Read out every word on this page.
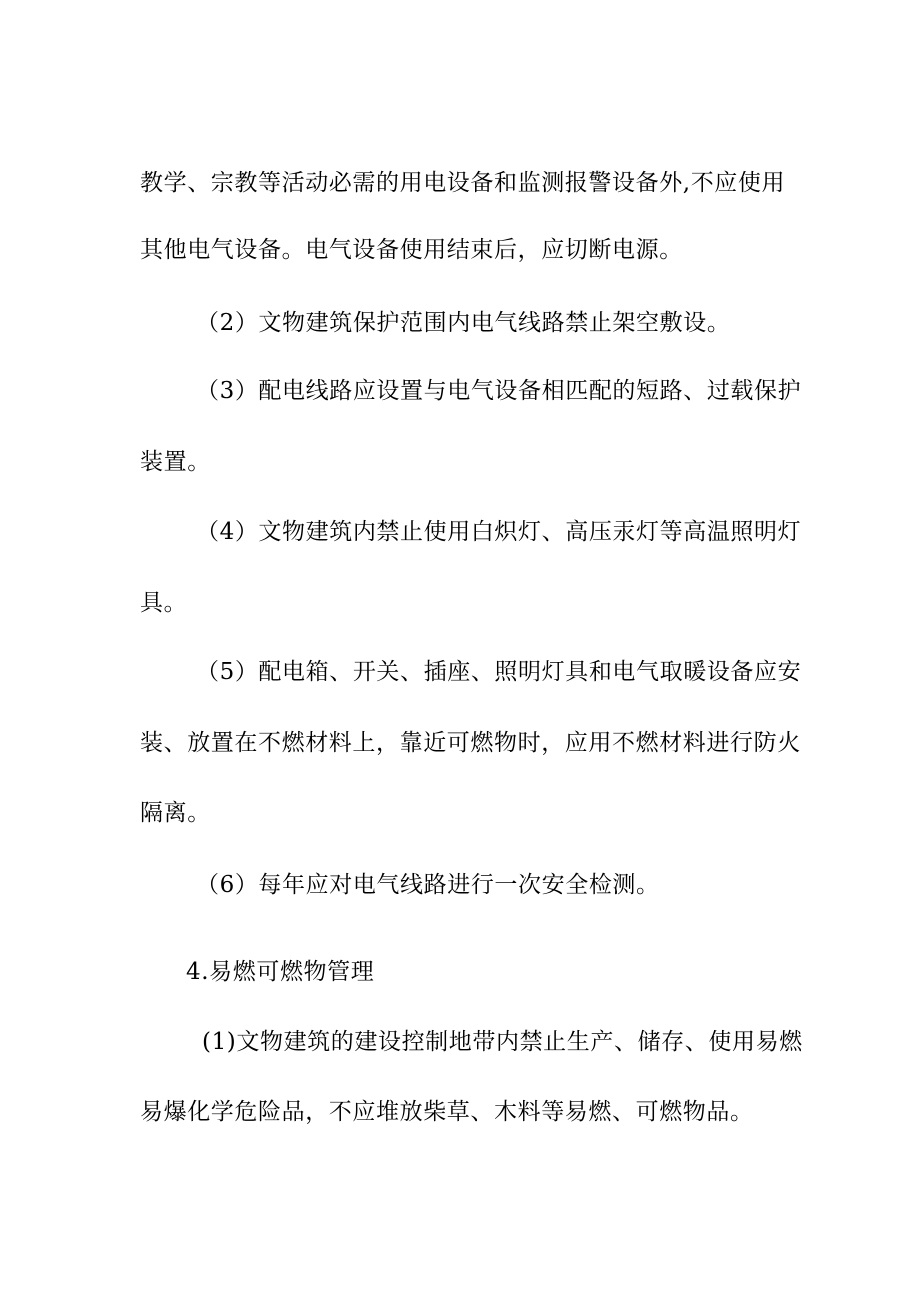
教学、宗教等活动必需的用电设备和监测报警设备外,不应使用
其他电气设备。电气设备使用结束后，应切断电源。
（2）文物建筑保护范围内电气线路禁止架空敷设。
（3）配电线路应设置与电气设备相匹配的短路、过载保护
装置。
（4）文物建筑内禁止使用白炽灯、高压汞灯等高温照明灯
具。
（5）配电箱、开关、插座、照明灯具和电气取暖设备应安
装、放置在不燃材料上，靠近可燃物时，应用不燃材料进行防火
隔离。
（6）每年应对电气线路进行一次安全检测。
4.易燃可燃物管理
(1)文物建筑的建设控制地带内禁止生产、储存、使用易燃
易爆化学危险品，不应堆放柴草、木料等易燃、可燃物品。
